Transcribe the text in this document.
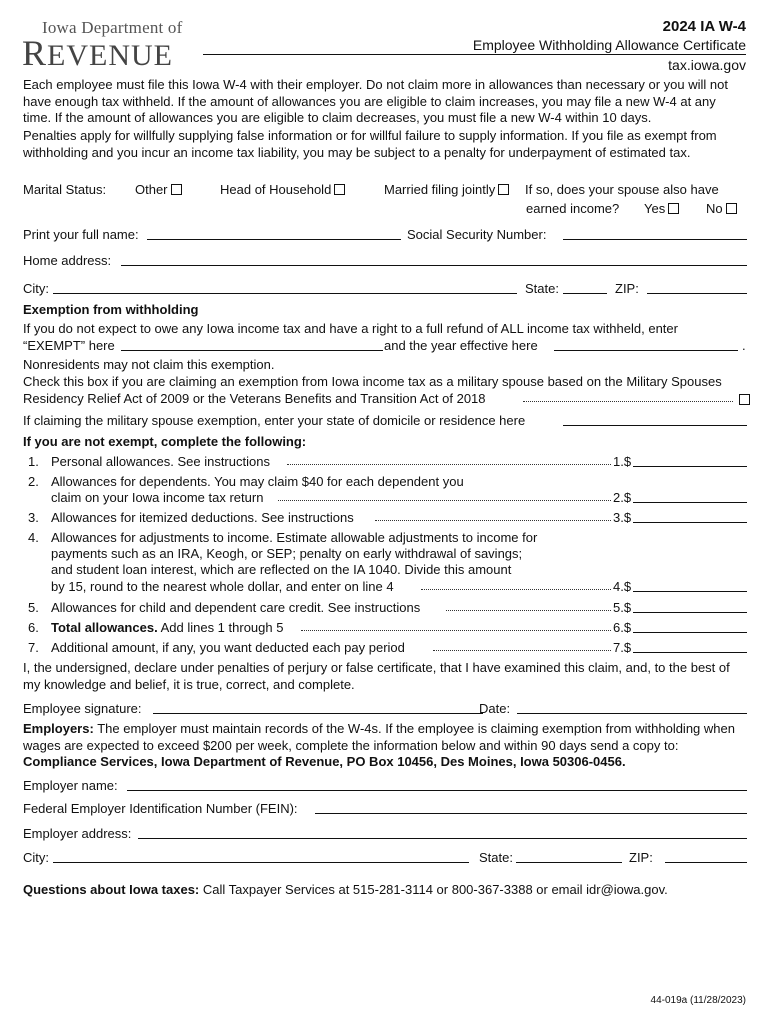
Iowa Department of
REVENUE
2024 IA W-4
Employee Withholding Allowance Certificate
tax.iowa.gov
Each employee must file this Iowa W-4 with their employer. Do not claim more in allowances than necessary or you will not have enough tax withheld. If the amount of allowances you are eligible to claim increases, you may file a new W-4 at any time. If the amount of allowances you are eligible to claim decreases, you must file a new W-4 within 10 days.
Penalties apply for willfully supplying false information or for willful failure to supply information. If you file as exempt from withholding and you incur an income tax liability, you may be subject to a penalty for underpayment of estimated tax.
Marital Status: Other	Head of Household	Married filing jointly	If so, does your spouse also have
earned income? Yes	No
Print your full name:	Social Security Number:
Home address:
City:	State:	ZIP:
Exemption from withholding
If you do not expect to owe any Iowa income tax and have a right to a full refund of ALL income tax withheld, enter
“EXEMPT” here	and the year effective here	.
Nonresidents may not claim this exemption.
Check this box if you are claiming an exemption from Iowa income tax as a military spouse based on the Military Spouses
Residency Relief Act of 2009 or the Veterans Benefits and Transition Act of 2018
If claiming the military spouse exemption, enter your state of domicile or residence here
If you are not exempt, complete the following:
1. Personal allowances. See instructions	1.$
2. Allowances for dependents. You may claim $40 for each dependent you
claim on your Iowa income tax return	2.$
3. Allowances for itemized deductions. See instructions	3.$
4. Allowances for adjustments to income. Estimate allowable adjustments to income for
payments such as an IRA, Keogh, or SEP; penalty on early withdrawal of savings;
and student loan interest, which are reflected on the IA 1040. Divide this amount
by 15, round to the nearest whole dollar, and enter on line 4	4.$
5. Allowances for child and dependent care credit. See instructions	5.$
6. Total allowances. Add lines 1 through 5	6.$
7. Additional amount, if any, you want deducted each pay period	7.$
I, the undersigned, declare under penalties of perjury or false certificate, that I have examined this claim, and, to the best of my knowledge and belief, it is true, correct, and complete.
Employee signature:	Date:
Employers: The employer must maintain records of the W-4s. If the employee is claiming exemption from withholding when wages are expected to exceed $200 per week, complete the information below and within 90 days send a copy to: Compliance Services, Iowa Department of Revenue, PO Box 10456, Des Moines, Iowa 50306-0456.
Employer name:
Federal Employer Identification Number (FEIN):
Employer address:
City:	State:	ZIP:
Questions about Iowa taxes: Call Taxpayer Services at 515-281-3114 or 800-367-3388 or email idr@iowa.gov.
44-019a (11/28/2023)
